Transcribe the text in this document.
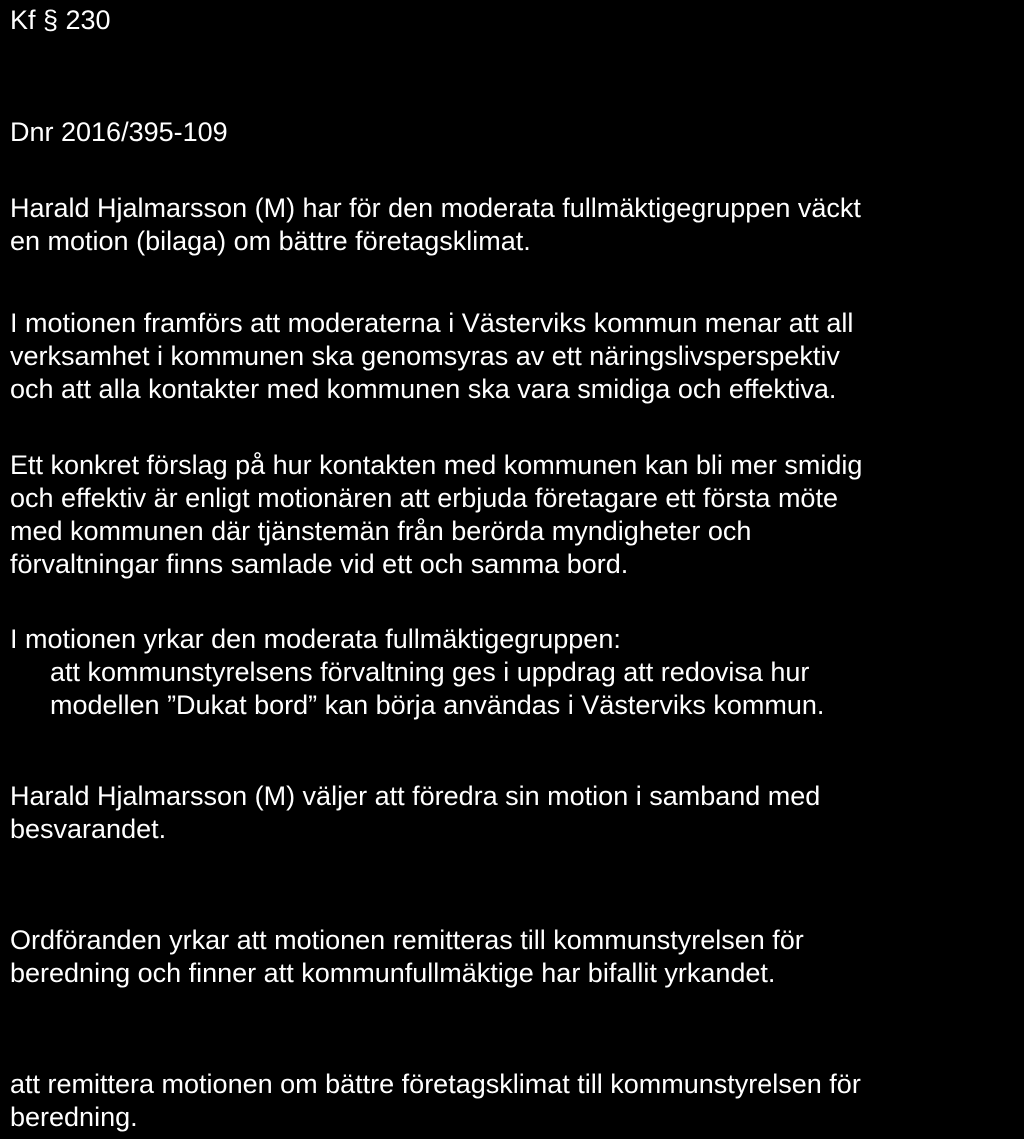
Kf § 230
Dnr 2016/395-109
Harald Hjalmarsson (M) har för den moderata fullmäktigegruppen väckt
en motion (bilaga) om bättre företagsklimat.
I motionen framförs att moderaterna i Västerviks kommun menar att all
verksamhet i kommunen ska genomsyras av ett näringslivsperspektiv
och att alla kontakter med kommunen ska vara smidiga och effektiva.
Ett konkret förslag på hur kontakten med kommunen kan bli mer smidig
och effektiv är enligt motionären att erbjuda företagare ett första möte
med kommunen där tjänstemän från berörda myndigheter och
förvaltningar finns samlade vid ett och samma bord.
I motionen yrkar den moderata fullmäktigegruppen:
att kommunstyrelsens förvaltning ges i uppdrag att redovisa hur
modellen ”Dukat bord” kan börja användas i Västerviks kommun.
Harald Hjalmarsson (M) väljer att föredra sin motion i samband med
besvarandet.
Ordföranden yrkar att motionen remitteras till kommunstyrelsen för
beredning och finner att kommunfullmäktige har bifallit yrkandet.
att remittera motionen om bättre företagsklimat till kommunstyrelsen för
beredning.
